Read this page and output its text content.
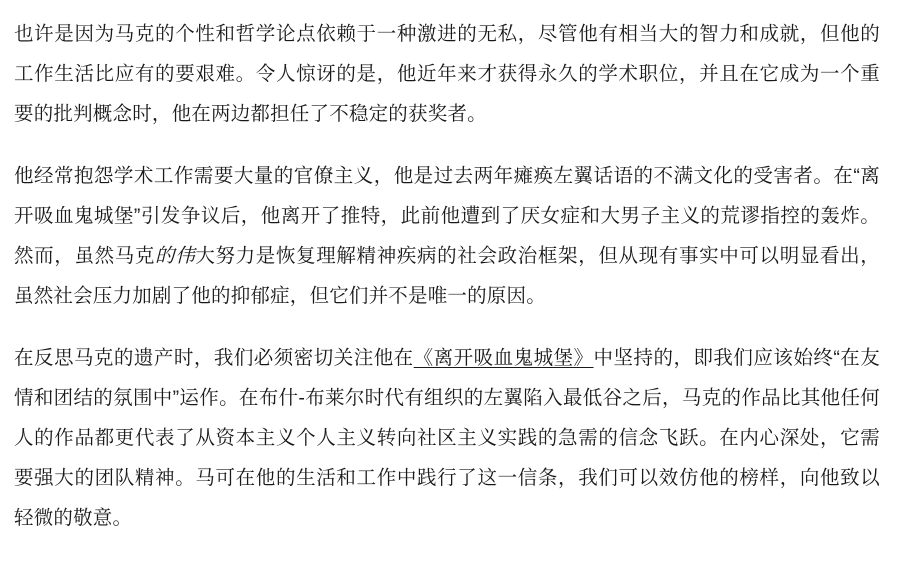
也许是因为马克的个性和哲学论点依赖于一种激进的无私，尽管他有相当大的智力和成就，但他的工作生活比应有的要艰难。令人惊讶的是，他近年来才获得永久的学术职位，并且在它成为一个重要的批判概念时，他在两边都担任了不稳定的获奖者。

他经常抱怨学术工作需要大量的官僚主义，他是过去两年瘫痪左翼话语的不满文化的受害者。在“离开吸血鬼城堡”引发争议后，他离开了推特，此前他遭到了厌女症和大男子主义的荒谬指控的轰炸。然而，虽然马克的伟大努力是恢复理解精神疾病的社会政治框架，但从现有事实中可以明显看出，虽然社会压力加剧了他的抑郁症，但它们并不是唯一的原因。

在反思马克的遗产时，我们必须密切关注他在《离开吸血鬼城堡》中坚持的，即我们应该始终“在友情和团结的氛围中”运作。在布什-布莱尔时代有组织的左翼陷入最低谷之后，马克的作品比其他任何人的作品都更代表了从资本主义个人主义转向社区主义实践的急需的信念飞跃。在内心深处，它需要强大的团队精神。马可在他的生活和工作中践行了这一信条，我们可以效仿他的榜样，向他致以轻微的敬意。
